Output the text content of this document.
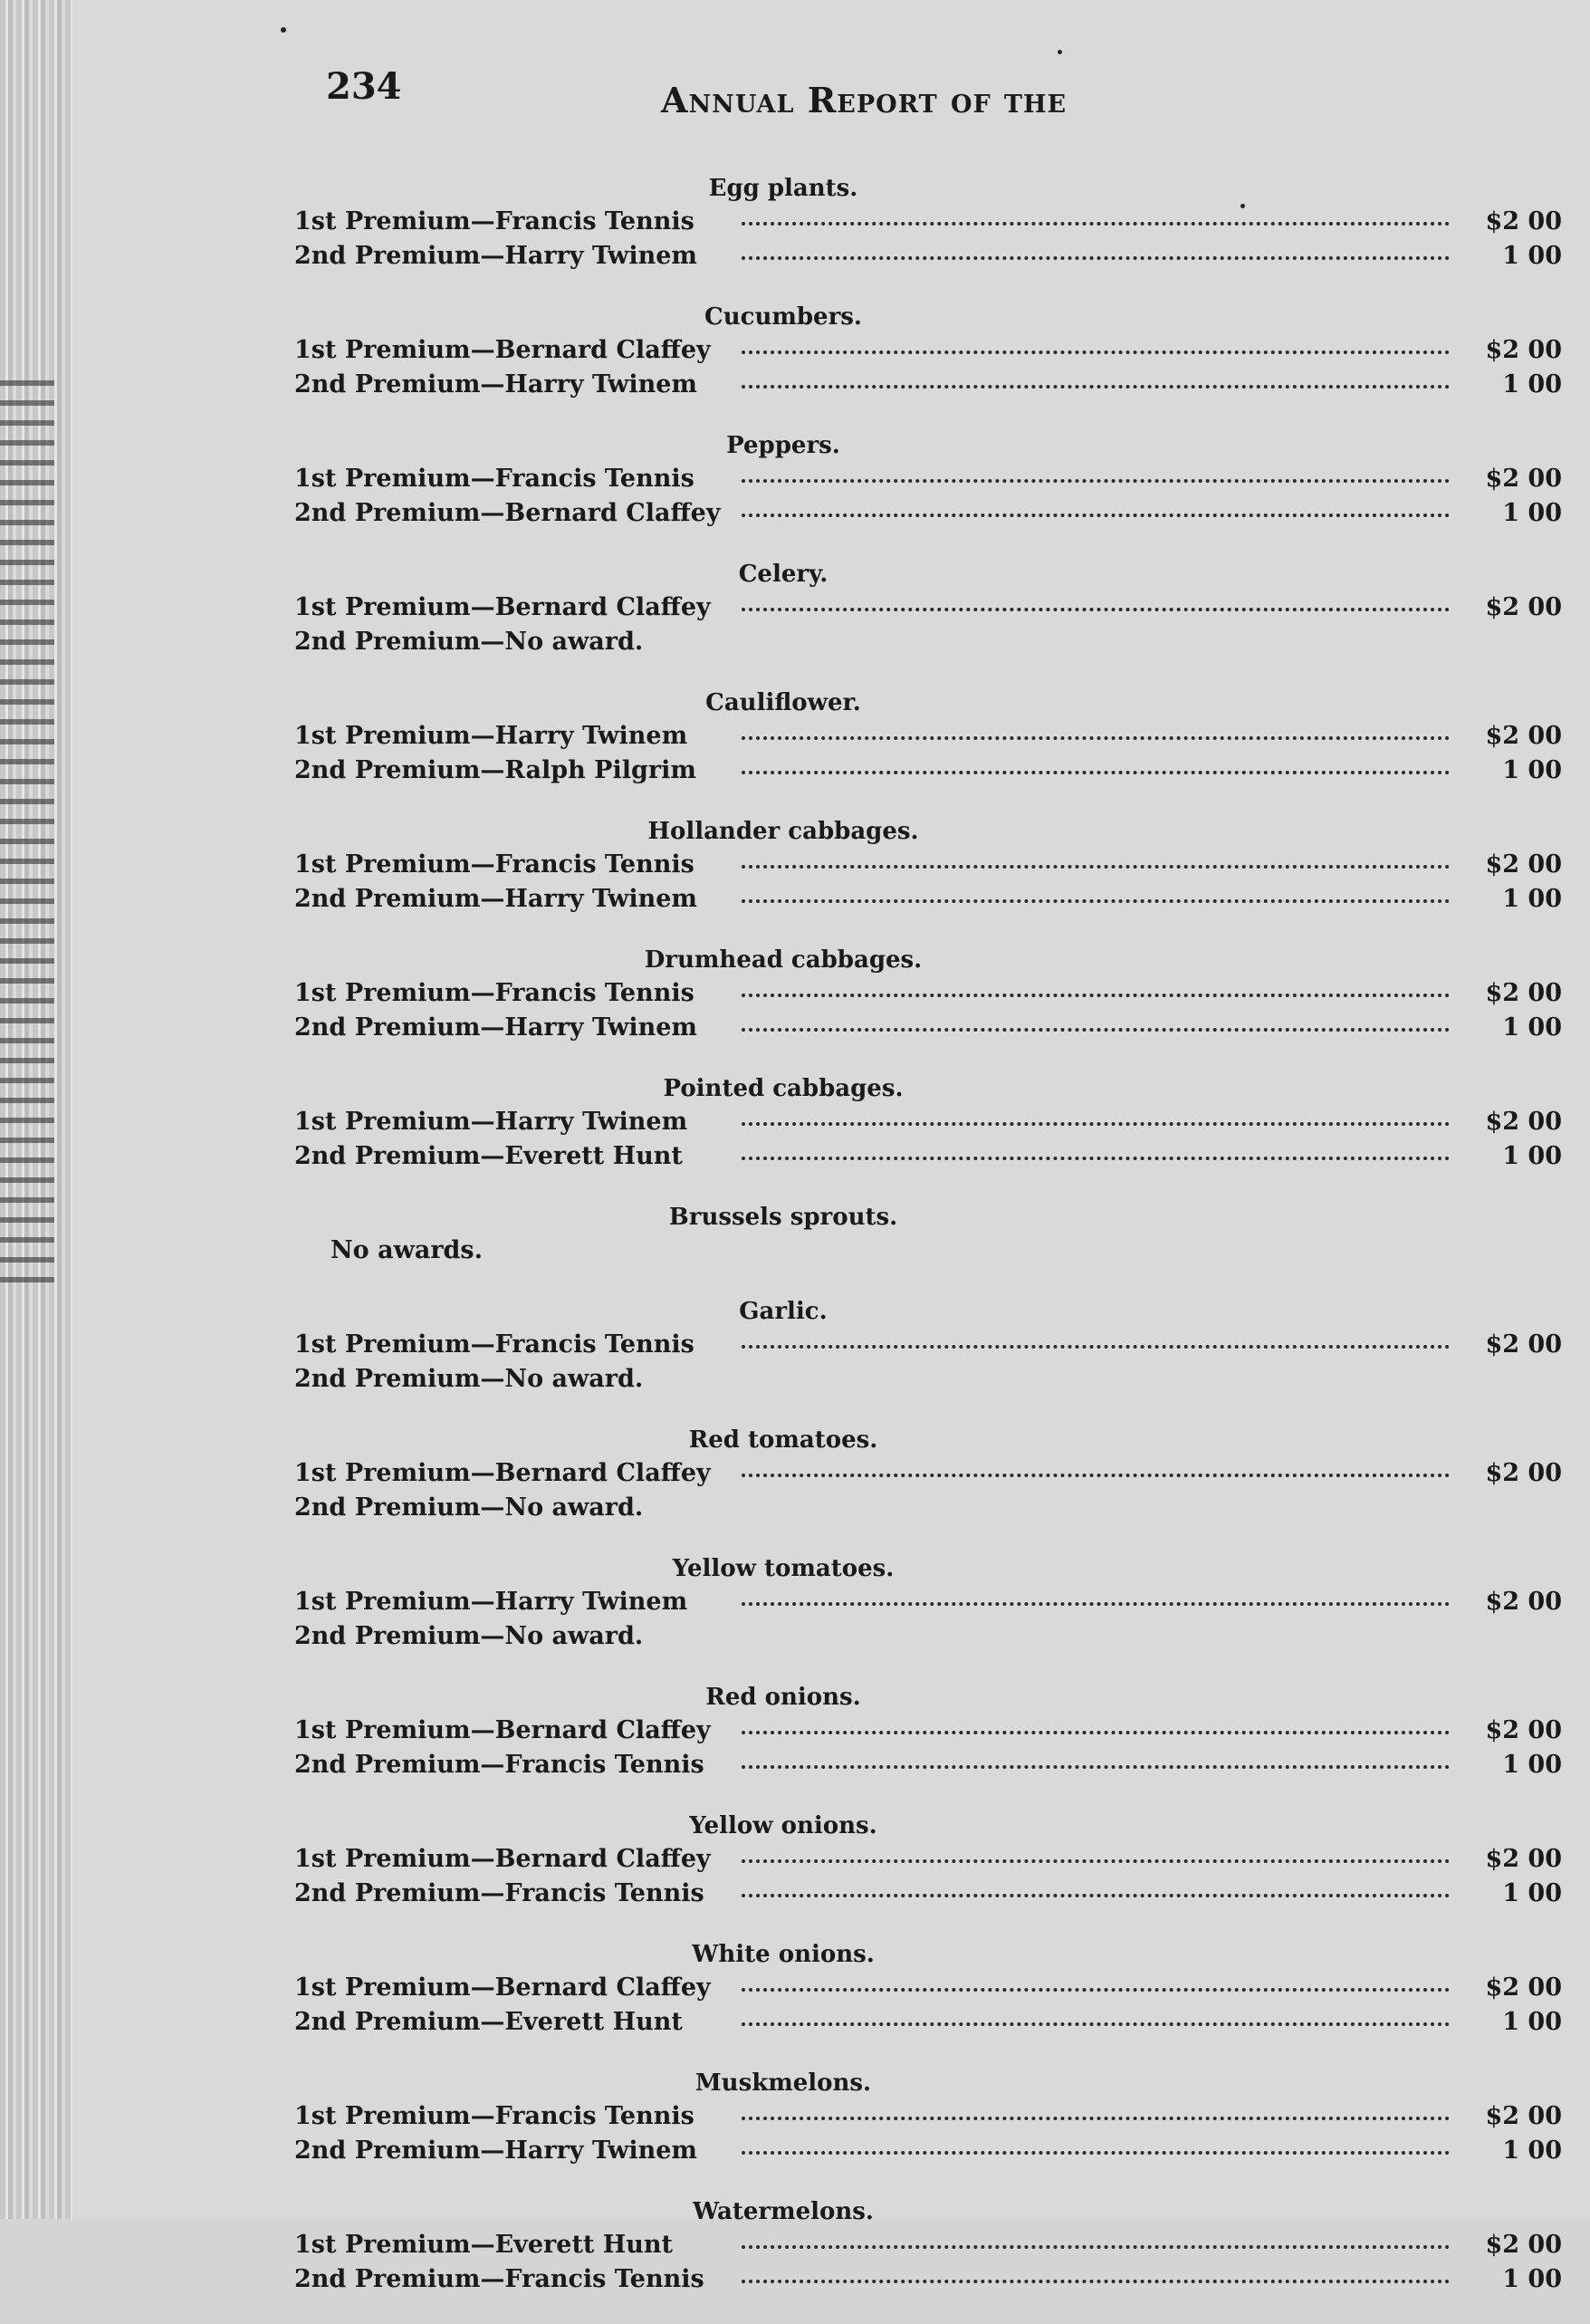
234	Annual Report of the
Egg plants.
1st Premium—Francis Tennis	$2 00
2nd Premium—Harry Twinem	1 00
Cucumbers.
1st Premium—Bernard Claffey	$2 00
2nd Premium—Harry Twinem	1 00
Peppers.
1st Premium—Francis Tennis	$2 00
2nd Premium—Bernard Claffey	1 00
Celery.
1st Premium—Bernard Claffey	$2 00
2nd Premium—No award.
Cauliflower.
1st Premium—Harry Twinem	$2 00
2nd Premium—Ralph Pilgrim	1 00
Hollander cabbages.
1st Premium—Francis Tennis	$2 00
2nd Premium—Harry Twinem	1 00
Drumhead cabbages.
1st Premium—Francis Tennis	$2 00
2nd Premium—Harry Twinem	1 00
Pointed cabbages.
1st Premium—Harry Twinem	$2 00
2nd Premium—Everett Hunt	1 00
Brussels sprouts.
No awards.
Garlic.
1st Premium—Francis Tennis	$2 00
2nd Premium—No award.
Red tomatoes.
1st Premium—Bernard Claffey	$2 00
2nd Premium—No award.
Yellow tomatoes.
1st Premium—Harry Twinem	$2 00
2nd Premium—No award.
Red onions.
1st Premium—Bernard Claffey	$2 00
2nd Premium—Francis Tennis	1 00
Yellow onions.
1st Premium—Bernard Claffey	$2 00
2nd Premium—Francis Tennis	1 00
White onions.
1st Premium—Bernard Claffey	$2 00
2nd Premium—Everett Hunt	1 00
Muskmelons.
1st Premium—Francis Tennis	$2 00
2nd Premium—Harry Twinem	1 00
Watermelons.
1st Premium—Everett Hunt	$2 00
2nd Premium—Francis Tennis	1 00
